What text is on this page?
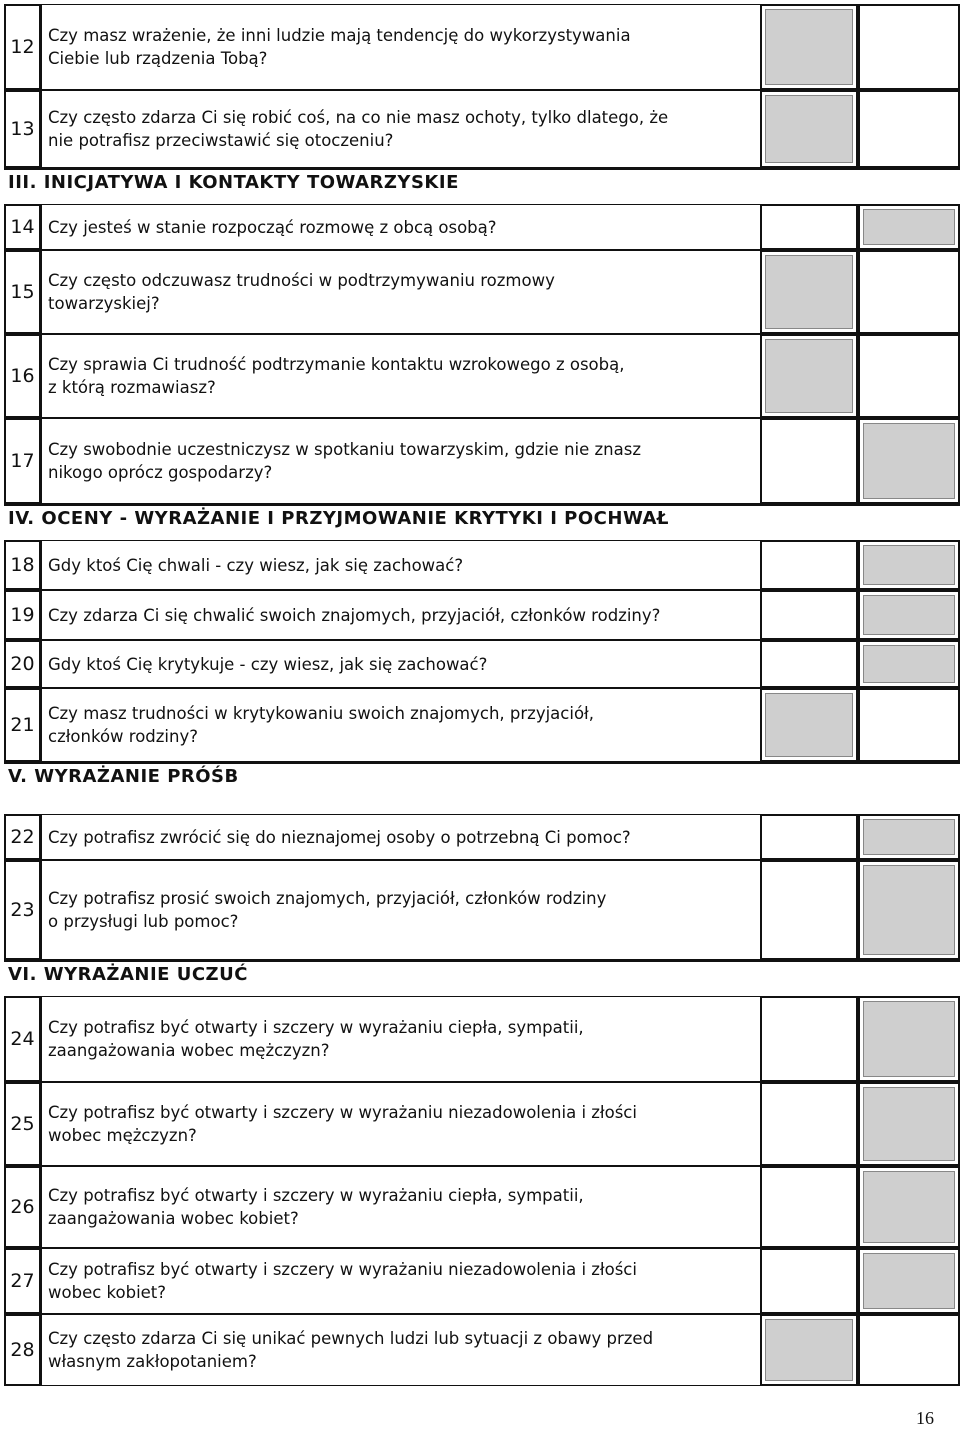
12
Czy masz wrażenie, że inni ludzie mają tendencję do wykorzystywania
Ciebie lub rządzenia Tobą?
13
Czy często zdarza Ci się robić coś, na co nie masz ochoty, tylko dlatego, że
nie potrafisz przeciwstawić się otoczeniu?
III. INICJATYWA I KONTAKTY TOWARZYSKIE
14 Czy jesteś w stanie rozpocząć rozmowę z obcą osobą?
15
Czy często odczuwasz trudności w podtrzymywaniu rozmowy
towarzyskiej?
16
Czy sprawia Ci trudność podtrzymanie kontaktu wzrokowego z osobą,
z którą rozmawiasz?
17
Czy swobodnie uczestniczysz w spotkaniu towarzyskim, gdzie nie znasz
nikogo oprócz gospodarzy?
IV. OCENY - WYRAŻANIE I PRZYJMOWANIE KRYTYKI I POCHWAŁ
18 Gdy ktoś Cię chwali - czy wiesz, jak się zachować?
19 Czy zdarza Ci się chwalić swoich znajomych, przyjaciół, członków rodziny?
20 Gdy ktoś Cię krytykuje - czy wiesz, jak się zachować?
21
Czy masz trudności w krytykowaniu swoich znajomych, przyjaciół,
członków rodziny?
V. WYRAŻANIE PRÓŚB
22 Czy potrafisz zwrócić się do nieznajomej osoby o potrzebną Ci pomoc?
23
Czy potrafisz prosić swoich znajomych, przyjaciół, członków rodziny
o przysługi lub pomoc?
VI. WYRAŻANIE UCZUĆ
24
Czy potrafisz być otwarty i szczery w wyrażaniu ciepła, sympatii,
zaangażowania wobec mężczyzn?
25
Czy potrafisz być otwarty i szczery w wyrażaniu niezadowolenia i złości
wobec mężczyzn?
26
Czy potrafisz być otwarty i szczery w wyrażaniu ciepła, sympatii,
zaangażowania wobec kobiet?
27
Czy potrafisz być otwarty i szczery w wyrażaniu niezadowolenia i złości
wobec kobiet?
28
Czy często zdarza Ci się unikać pewnych ludzi lub sytuacji z obawy przed
własnym zakłopotaniem?
16
